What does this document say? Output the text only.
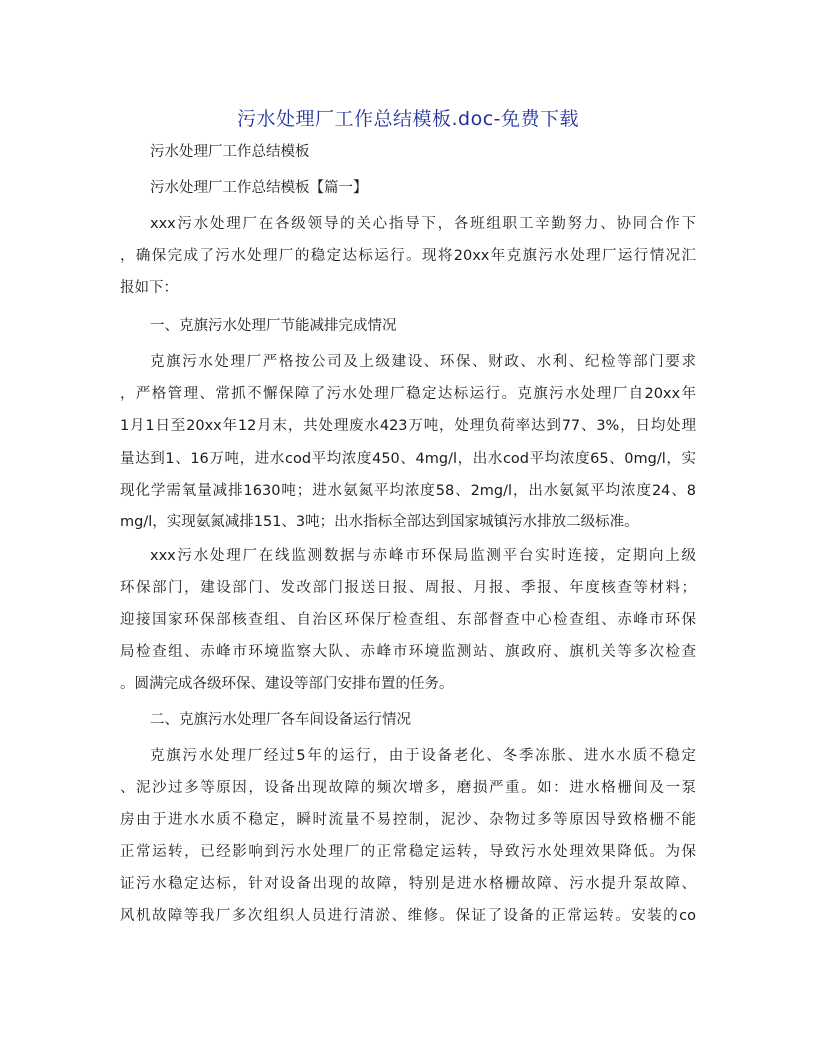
污水处理厂工作总结模板.doc-免费下载
污水处理厂工作总结模板
污水处理厂工作总结模板【篇一】
xxx污水处理厂在各级领导的关心指导下，各班组职工辛勤努力、协同合作下
，确保完成了污水处理厂的稳定达标运行。现将20xx年克旗污水处理厂运行情况汇
报如下：
一、克旗污水处理厂节能减排完成情况
克旗污水处理厂严格按公司及上级建设、环保、财政、水利、纪检等部门要求
，严格管理、常抓不懈保障了污水处理厂稳定达标运行。克旗污水处理厂自20xx年
1月1日至20xx年12月末，共处理废水423万吨，处理负荷率达到77、3%，日均处理
量达到1、16万吨，进水cod平均浓度450、4mg/l，出水cod平均浓度65、0mg/l，实
现化学需氧量减排1630吨；进水氨氮平均浓度58、2mg/l，出水氨氮平均浓度24、8
mg/l，实现氨氮减排151、3吨；出水指标全部达到国家城镇污水排放二级标准。
xxx污水处理厂在线监测数据与赤峰市环保局监测平台实时连接，定期向上级
环保部门，建设部门、发改部门报送日报、周报、月报、季报、年度核查等材料；
迎接国家环保部核查组、自治区环保厅检查组、东部督查中心检查组、赤峰市环保
局检查组、赤峰市环境监察大队、赤峰市环境监测站、旗政府、旗机关等多次检查
。圆满完成各级环保、建设等部门安排布置的任务。
二、克旗污水处理厂各车间设备运行情况
克旗污水处理厂经过5年的运行，由于设备老化、冬季冻胀、进水水质不稳定
、泥沙过多等原因，设备出现故障的频次增多，磨损严重。如：进水格栅间及一泵
房由于进水水质不稳定，瞬时流量不易控制，泥沙、杂物过多等原因导致格栅不能
正常运转，已经影响到污水处理厂的正常稳定运转，导致污水处理效果降低。为保
证污水稳定达标，针对设备出现的故障，特别是进水格栅故障、污水提升泵故障、
风机故障等我厂多次组织人员进行清淤、维修。保证了设备的正常运转。安装的co
